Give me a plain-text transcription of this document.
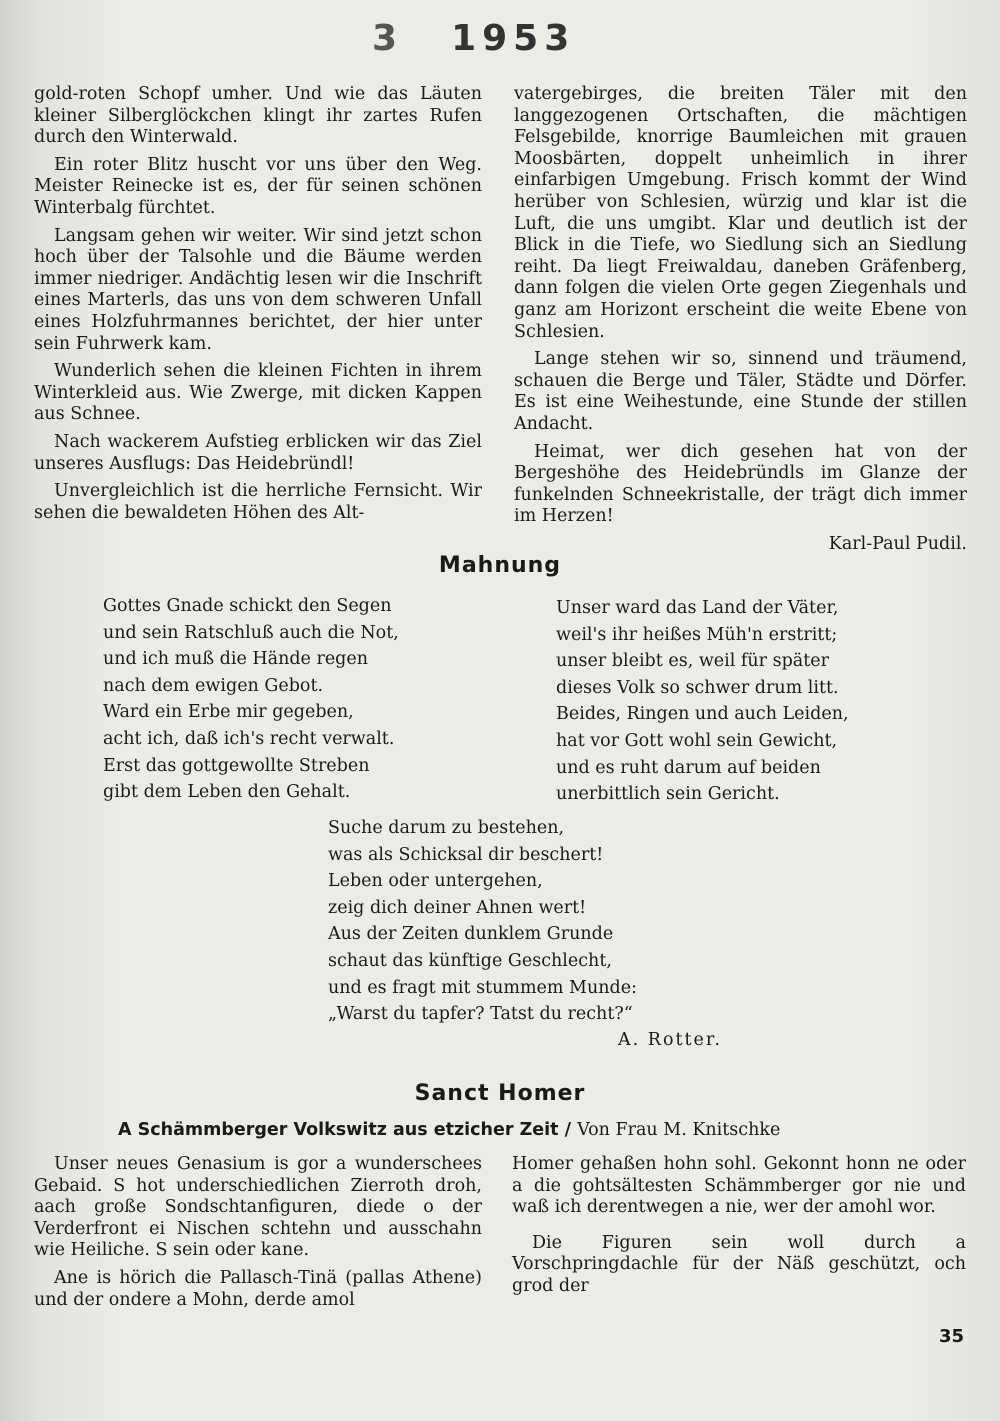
3 1953

gold-roten Schopf umher. Und wie das Läuten kleiner Silberglöckchen klingt ihr zartes Rufen durch den Winterwald.

Ein roter Blitz huscht vor uns über den Weg. Meister Reinecke ist es, der für seinen schönen Winterbalg fürchtet.

Langsam gehen wir weiter. Wir sind jetzt schon hoch über der Talsohle und die Bäume werden immer niedriger. Andächtig lesen wir die Inschrift eines Marterls, das uns von dem schweren Unfall eines Holzfuhrmannes berichtet, der hier unter sein Fuhrwerk kam.

Wunderlich sehen die kleinen Fichten in ihrem Winterkleid aus. Wie Zwerge, mit dicken Kappen aus Schnee.

Nach wackerem Aufstieg erblicken wir das Ziel unseres Ausflugs: Das Heidebründl!

Unvergleichlich ist die herrliche Fernsicht. Wir sehen die bewaldeten Höhen des Alt-

vatergebirges, die breiten Täler mit den langgezogenen Ortschaften, die mächtigen Felsgebilde, knorrige Baumleichen mit grauen Moosbärten, doppelt unheimlich in ihrer einfarbigen Umgebung. Frisch kommt der Wind herüber von Schlesien, würzig und klar ist die Luft, die uns umgibt. Klar und deutlich ist der Blick in die Tiefe, wo Siedlung sich an Siedlung reiht. Da liegt Freiwaldau, daneben Gräfenberg, dann folgen die vielen Orte gegen Ziegenhals und ganz am Horizont erscheint die weite Ebene von Schlesien.

Lange stehen wir so, sinnend und träumend, schauen die Berge und Täler, Städte und Dörfer. Es ist eine Weihestunde, eine Stunde der stillen Andacht.

Heimat, wer dich gesehen hat von der Bergeshöhe des Heidebründls im Glanze der funkelnden Schneekristalle, der trägt dich immer im Herzen!

Karl-Paul Pudil.

Mahnung
Gottes Gnade schickt den Segen
und sein Ratschluß auch die Not,
und ich muß die Hände regen
nach dem ewigen Gebot.
Ward ein Erbe mir gegeben,
acht ich, daß ich's recht verwalt.
Erst das gottgewollte Streben
gibt dem Leben den Gehalt.
Unser ward das Land der Väter,
weil's ihr heißes Müh'n erstritt;
unser bleibt es, weil für später
dieses Volk so schwer drum litt.
Beides, Ringen und auch Leiden,
hat vor Gott wohl sein Gewicht,
und es ruht darum auf beiden
unerbittlich sein Gericht.
Suche darum zu bestehen,
was als Schicksal dir beschert!
Leben oder untergehen,
zeig dich deiner Ahnen wert!
Aus der Zeiten dunklem Grunde
schaut das künftige Geschlecht,
und es fragt mit stummem Munde:
„Warst du tapfer? Tatst du recht?“
A. Rotter.
Sanct Homer
A Schämmberger Volkswitz aus etzicher Zeit / Von Frau M. Knitschke

Unser neues Genasium is gor a wunderschees Gebaid. S hot underschiedlichen Zierroth droh, aach große Sondschtanfiguren, diede o der Verderfront ei Nischen schtehn und ausschahn wie Heiliche. S sein oder kane.

Ane is hörich die Pallasch-Tinä (pallas Athene) und der ondere a Mohn, derde amol

Homer gehaßen hohn sohl. Gekonnt honn ne oder a die gohtsältesten Schämmberger gor nie und waß ich derentwegen a nie, wer der amohl wor.

Die Figuren sein woll durch a Vorschpringdachle für der Näß geschützt, och grod der

35
